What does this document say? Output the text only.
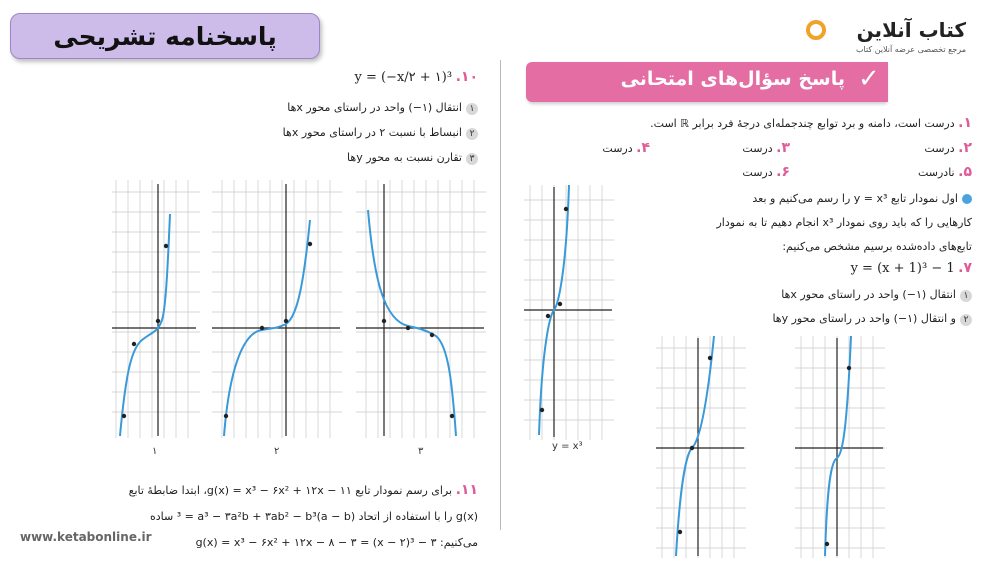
پاسخنامه تشریحی	کتاب آنلاین
مرجع تخصصی عرضه آنلاین کتاب
پاسخ سؤال‌های امتحانی ✓
۱. درست است، دامنه و برد توابع چندجمله‌ای درجهٔ فرد برابر ℝ است.
۲. درست
۳. درست
۴. درست
۵. نادرست
۶. درست
اول نمودار تابع y = x³ را رسم می‌کنیم و بعد
کارهایی را که باید روی نمودار x³ انجام دهیم تا به نمودار
تابع‌های داده‌شده برسیم مشخص می‌کنیم:
۷. y = (x + 1)³ − 1
۱انتقال (۱−) واحد در راستای محور xها
۲و انتقال (۱−) واحد در راستای محور yها
y = x³
۱۰. y = (−x/۲ + ۱)³
۱انتقال (۱−) واحد در راستای محور xها
۲انبساط با نسبت ۲ در راستای محور xها
۳تقارن نسبت به محور yها
۱	۲	۳
۱۱. برای رسم نمودار تابع g(x) = x³ − ۶x² + ۱۲x − ۱۱، ابتدا ضابطهٔ تابع
g(x) را با استفاده از اتحاد (a − b)³ = a³ − ۳a²b + ۳ab² − b³ ساده
می‌کنیم: g(x) = x³ − ۶x² + ۱۲x − ۸ − ۳ = (x − ۲)³ − ۳
www.ketabonline.ir
